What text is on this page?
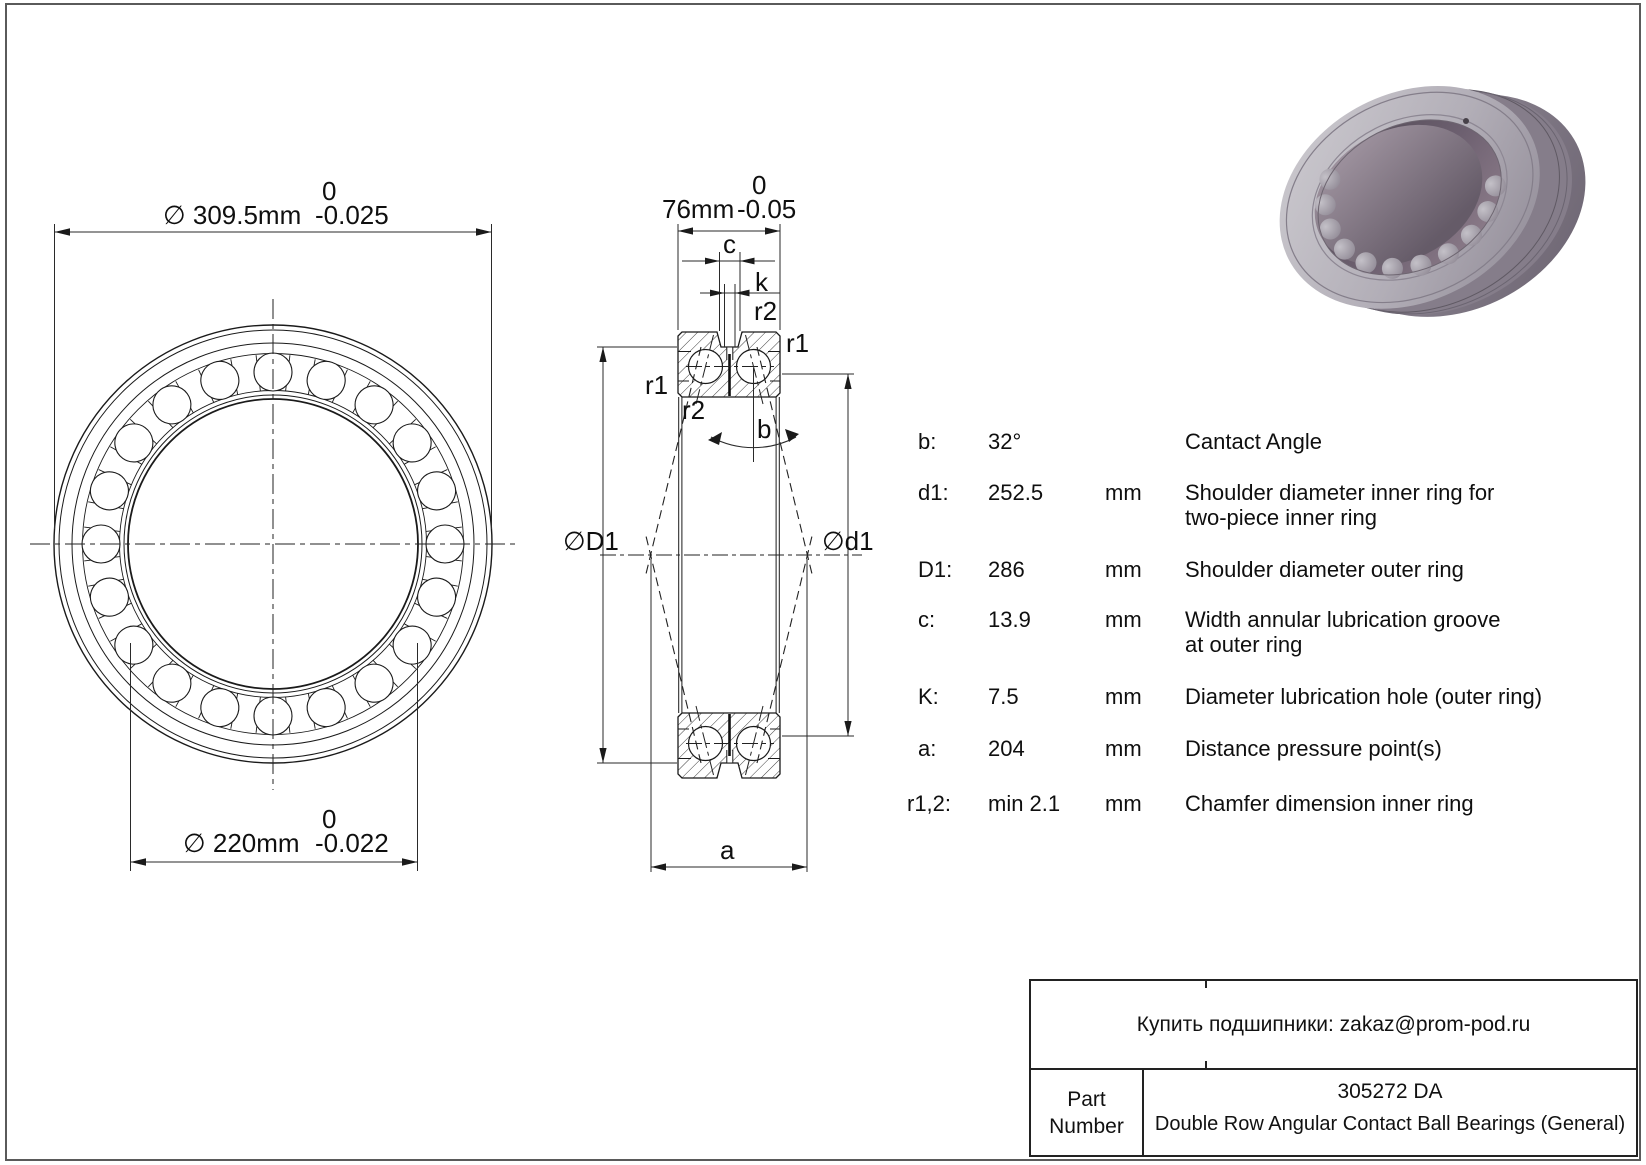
∅ 309.5mm
0
-0.025
∅ 220mm
0
-0.022
76mm
0
-0.05
c
k
r2
r1
r1
r2
b
∅D1	∅d1
a
b: 32°	Cantact Angle
d1: 252.5	mm Shoulder diameter inner ring for
two-piece inner ring
D1: 286	mm Shoulder diameter outer ring
c: 13.9	mm Width annular lubrication groove
at outer ring
K: 7.5	mm Diameter lubrication hole (outer ring)
a: 204	mm Distance pressure point(s)
r1,2: min 2.1 mm Chamfer dimension inner ring
Купить подшипники: zakaz@prom-pod.ru
Part
Number
305272 DA
Double Row Angular Contact Ball Bearings (General)
